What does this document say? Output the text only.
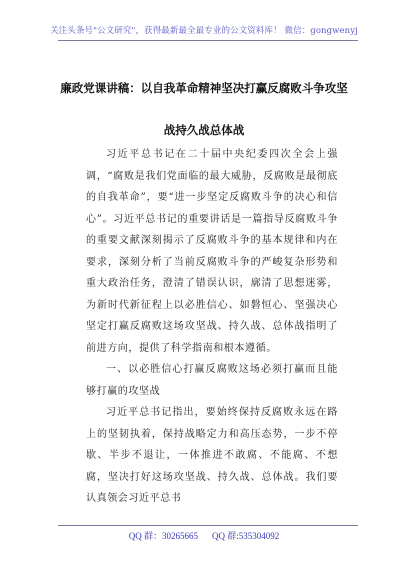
关注头条号"公文研究"，获得最新最全最专业的公文资料库！ 微信：gongwenyj
廉政党课讲稿：以自我革命精神坚决打赢反腐败斗争攻坚
战持久战总体战

习近平总书记在二十届中央纪委四次全会上强调，“腐败是我们党面临的最大威胁，反腐败是最彻底的自我革命”，要“进一步坚定反腐败斗争的决心和信心”。习近平总书记的重要讲话是一篇指导反腐败斗争的重要文献深刻揭示了反腐败斗争的基本规律和内在要求，深刻分析了当前反腐败斗争的严峻复杂形势和重大政治任务，澄清了错误认识，廓清了思想迷雾，为新时代新征程上以必胜信心、如磐恒心、坚强决心坚定打赢反腐败这场攻坚战、持久战、总体战指明了前进方向，提供了科学指南和根本遵循。

一、以必胜信心打赢反腐败这场必须打赢而且能够打赢的攻坚战

习近平总书记指出，要始终保持反腐败永远在路上的坚韧执着，保持战略定力和高压态势，一步不停歇、半步不退让，一体推进不敢腐、不能腐、不想腐，坚决打好这场攻坚战、持久战、总体战。我们要认真领会习近平总书

QQ 群：30265665 QQ 群:535304092
